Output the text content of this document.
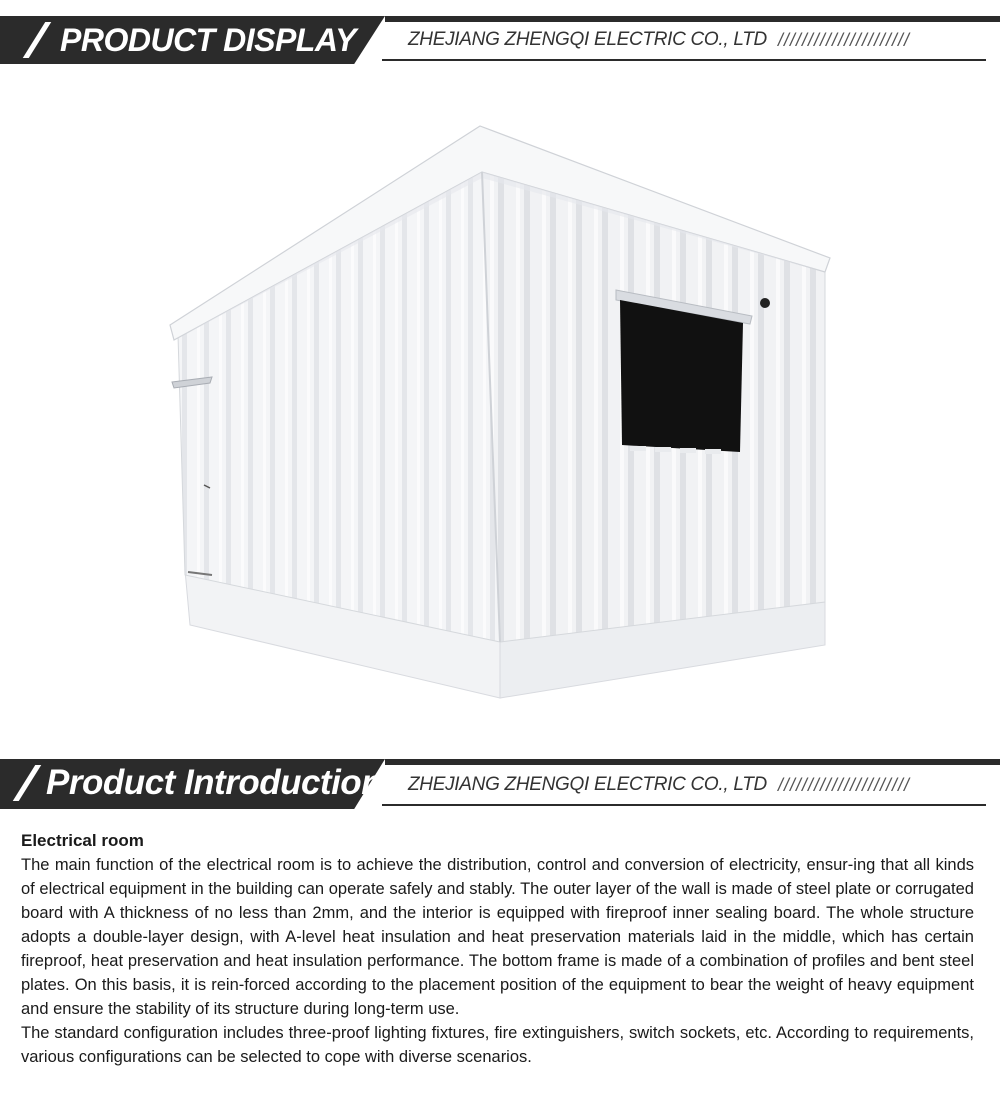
PRODUCT DISPLAY	ZHEJIANG ZHENGQI ELECTRIC CO., LTD //////////////////////
Product Introduction ZHEJIANG ZHENGQI ELECTRIC CO., LTD //////////////////////
Electrical room

The main function of the electrical room is to achieve the distribution, control and conversion of electricity, ensur-ing that all kinds of electrical equipment in the building can operate safely and stably. The outer layer of the wall is made of steel plate or corrugated board with A thickness of no less than 2mm, and the interior is equipped with fireproof inner sealing board. The whole structure adopts a double-layer design, with A-level heat insulation and heat preservation materials laid in the middle, which has certain fireproof, heat preservation and heat insulation performance. The bottom frame is made of a combination of profiles and bent steel plates. On this basis, it is rein-forced according to the placement position of the equipment to bear the weight of heavy equipment and ensure the stability of its structure during long-term use.

The standard configuration includes three-proof lighting fixtures, fire extinguishers, switch sockets, etc. According to requirements, various configurations can be selected to cope with diverse scenarios.
